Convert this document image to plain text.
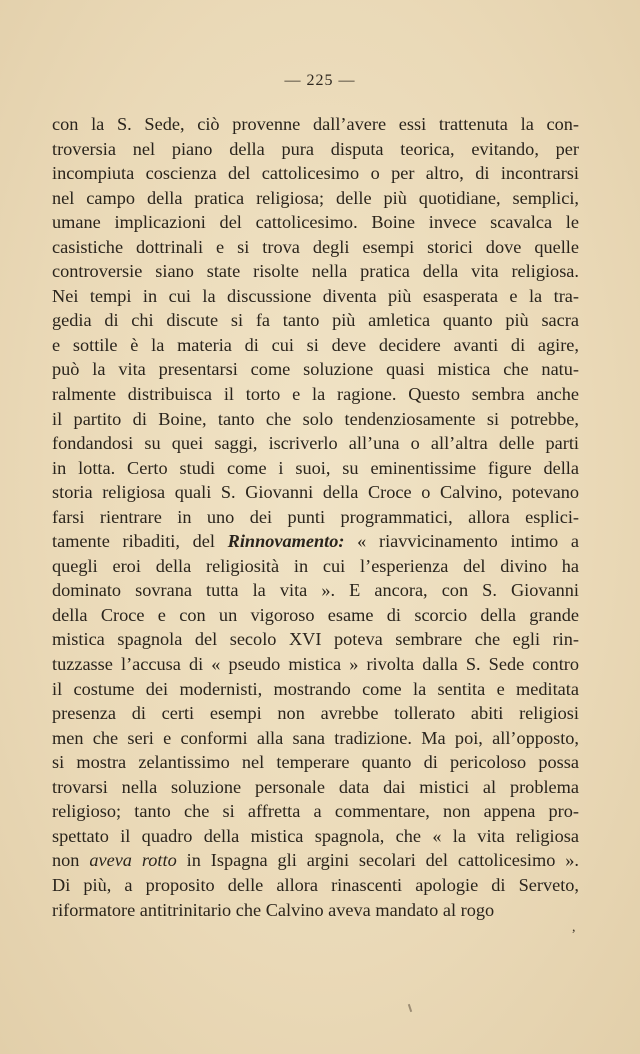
— 225 —
con la S. Sede, ciò provenne dall’avere essi trattenuta la con-
troversia nel piano della pura disputa teorica, evitando, per
incompiuta coscienza del cattolicesimo o per altro, di incontrarsi
nel campo della pratica religiosa; delle più quotidiane, semplici,
umane implicazioni del cattolicesimo. Boine invece scavalca le
casistiche dottrinali e si trova degli esempi storici dove quelle
controversie siano state risolte nella pratica della vita religiosa.
Nei tempi in cui la discussione diventa più esasperata e la tra-
gedia di chi discute si fa tanto più amletica quanto più sacra
e sottile è la materia di cui si deve decidere avanti di agire,
può la vita presentarsi come soluzione quasi mistica che natu-
ralmente distribuisca il torto e la ragione. Questo sembra anche
il partito di Boine, tanto che solo tendenziosamente si potrebbe,
fondandosi su quei saggi, iscriverlo all’una o all’altra delle parti
in lotta. Certo studi come i suoi, su eminentissime figure della
storia religiosa quali S. Giovanni della Croce o Calvino, potevano
farsi rientrare in uno dei punti programmatici, allora esplici-
tamente ribaditi, del Rinnovamento: « riavvicinamento intimo a
quegli eroi della religiosità in cui l’esperienza del divino ha
dominato sovrana tutta la vita ». E ancora, con S. Giovanni
della Croce e con un vigoroso esame di scorcio della grande
mistica spagnola del secolo XVI poteva sembrare che egli rin-
tuzzasse l’accusa di « pseudo mistica » rivolta dalla S. Sede contro
il costume dei modernisti, mostrando come la sentita e meditata
presenza di certi esempi non avrebbe tollerato abiti religiosi
men che seri e conformi alla sana tradizione. Ma poi, all’opposto,
si mostra zelantissimo nel temperare quanto di pericoloso possa
trovarsi nella soluzione personale data dai mistici al problema
religioso; tanto che si affretta a commentare, non appena pro-
spettato il quadro della mistica spagnola, che « la vita religiosa
non aveva rotto in Ispagna gli argini secolari del cattolicesimo ».
Di più, a proposito delle allora rinascenti apologie di Serveto,
riformatore antitrinitario che Calvino aveva mandato al rogo
,
